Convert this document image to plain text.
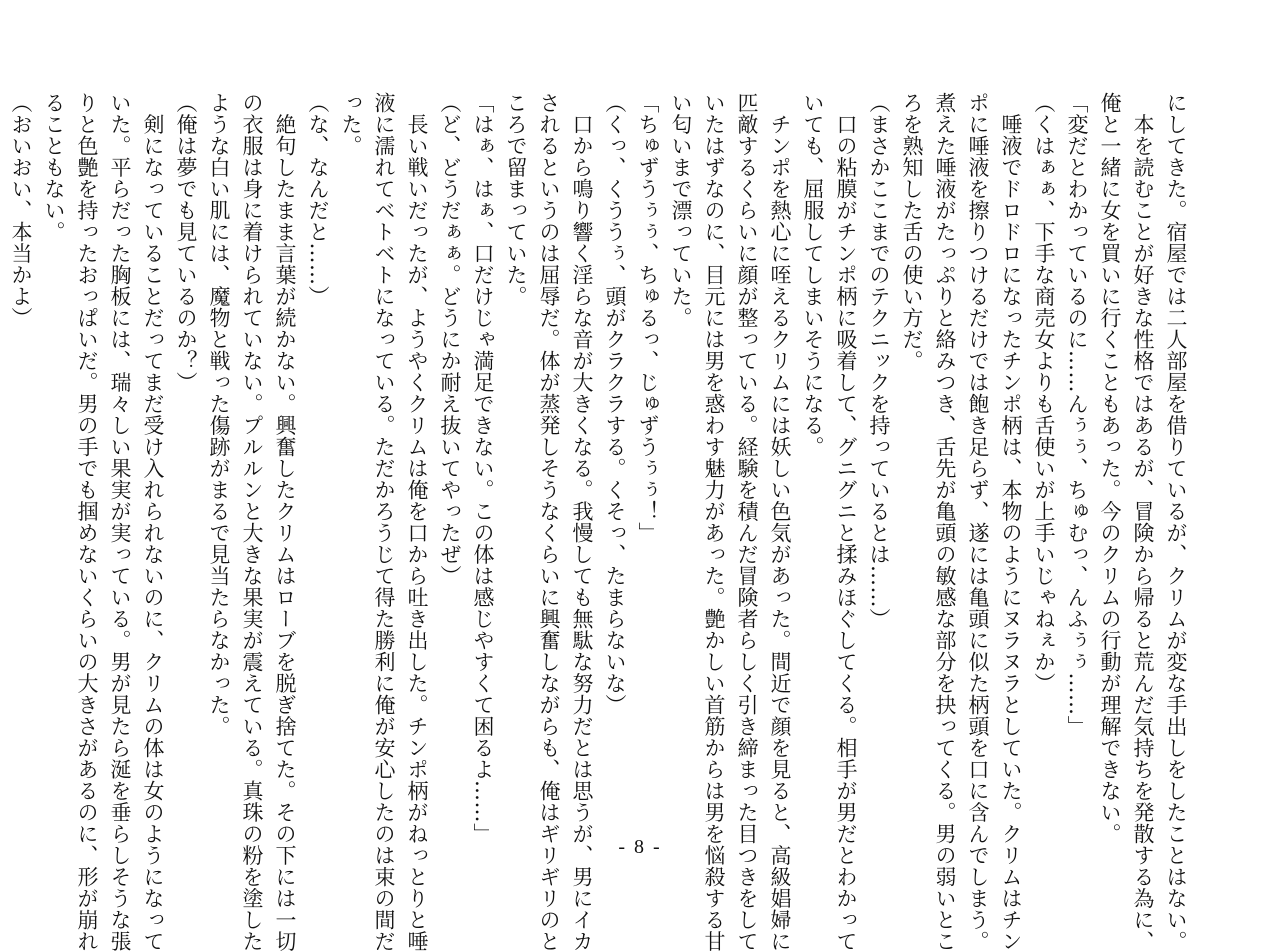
にしてきた。宿屋では二人部屋を借りているが、クリムが変な手出しをしたことはない。
　本を読むことが好きな性格ではあるが、冒険から帰ると荒んだ気持ちを発散する為に、
俺と一緒に女を買いに行くこともあった。今のクリムの行動が理解できない。
「変だとわかっているのに……んぅぅ、ちゅむっ、んふぅぅ……」
（くはぁぁ、下手な商売女よりも舌使いが上手いじゃねぇか）
　唾液でドロドロになったチンポ柄は、本物のようにヌラヌラとしていた。クリムはチン
ポに唾液を擦りつけるだけでは飽き足らず、遂には亀頭に似た柄頭を口に含んでしまう。
煮えた唾液がたっぷりと絡みつき、舌先が亀頭の敏感な部分を抉ってくる。男の弱いとこ
ろを熟知した舌の使い方だ。
（まさかここまでのテクニックを持っているとは……）
　口の粘膜がチンポ柄に吸着して、グニグニと揉みほぐしてくる。相手が男だとわかって
いても、屈服してしまいそうになる。
　チンポを熱心に咥えるクリムには妖しい色気があった。間近で顔を見ると、高級娼婦に
匹敵するくらいに顔が整っている。経験を積んだ冒険者らしく引き締まった目つきをして
いたはずなのに、目元には男を惑わす魅力があった。艶かしい首筋からは男を悩殺する甘
い匂いまで漂っていた。
「ちゅずうぅぅ、ちゅるっ、じゅずうぅぅ！」
（くっ、くううぅ、頭がクラクラする。くそっ、たまらないな）
　口から鳴り響く淫らな音が大きくなる。我慢しても無駄な努力だとは思うが、男にイカ
されるというのは屈辱だ。体が蒸発しそうなくらいに興奮しながらも、俺はギリギリのと
ころで留まっていた。
「はぁ、はぁ、口だけじゃ満足できない。この体は感じやすくて困るよ……」
（ど、どうだぁぁ。どうにか耐え抜いてやったぜ）
　長い戦いだったが、ようやくクリムは俺を口から吐き出した。チンポ柄がねっとりと唾
液に濡れてベトベトになっている。ただかろうじて得た勝利に俺が安心したのは束の間だ
った。
（な、なんだと……）
　絶句したまま言葉が続かない。興奮したクリムはローブを脱ぎ捨てた。その下には一切
の衣服は身に着けられていない。プルルンと大きな果実が震えている。真珠の粉を塗した
ような白い肌には、魔物と戦った傷跡がまるで見当たらなかった。
（俺は夢でも見ているのか？）
　剣になっていることだってまだ受け入れられないのに、クリムの体は女のようになって
いた。平らだった胸板には、瑞々しい果実が実っている。男が見たら涎を垂らしそうな張
りと色艶を持ったおっぱいだ。男の手でも掴めないくらいの大きさがあるのに、形が崩れ
ることもない。
（おいおい、本当かよ）
- 8 -
